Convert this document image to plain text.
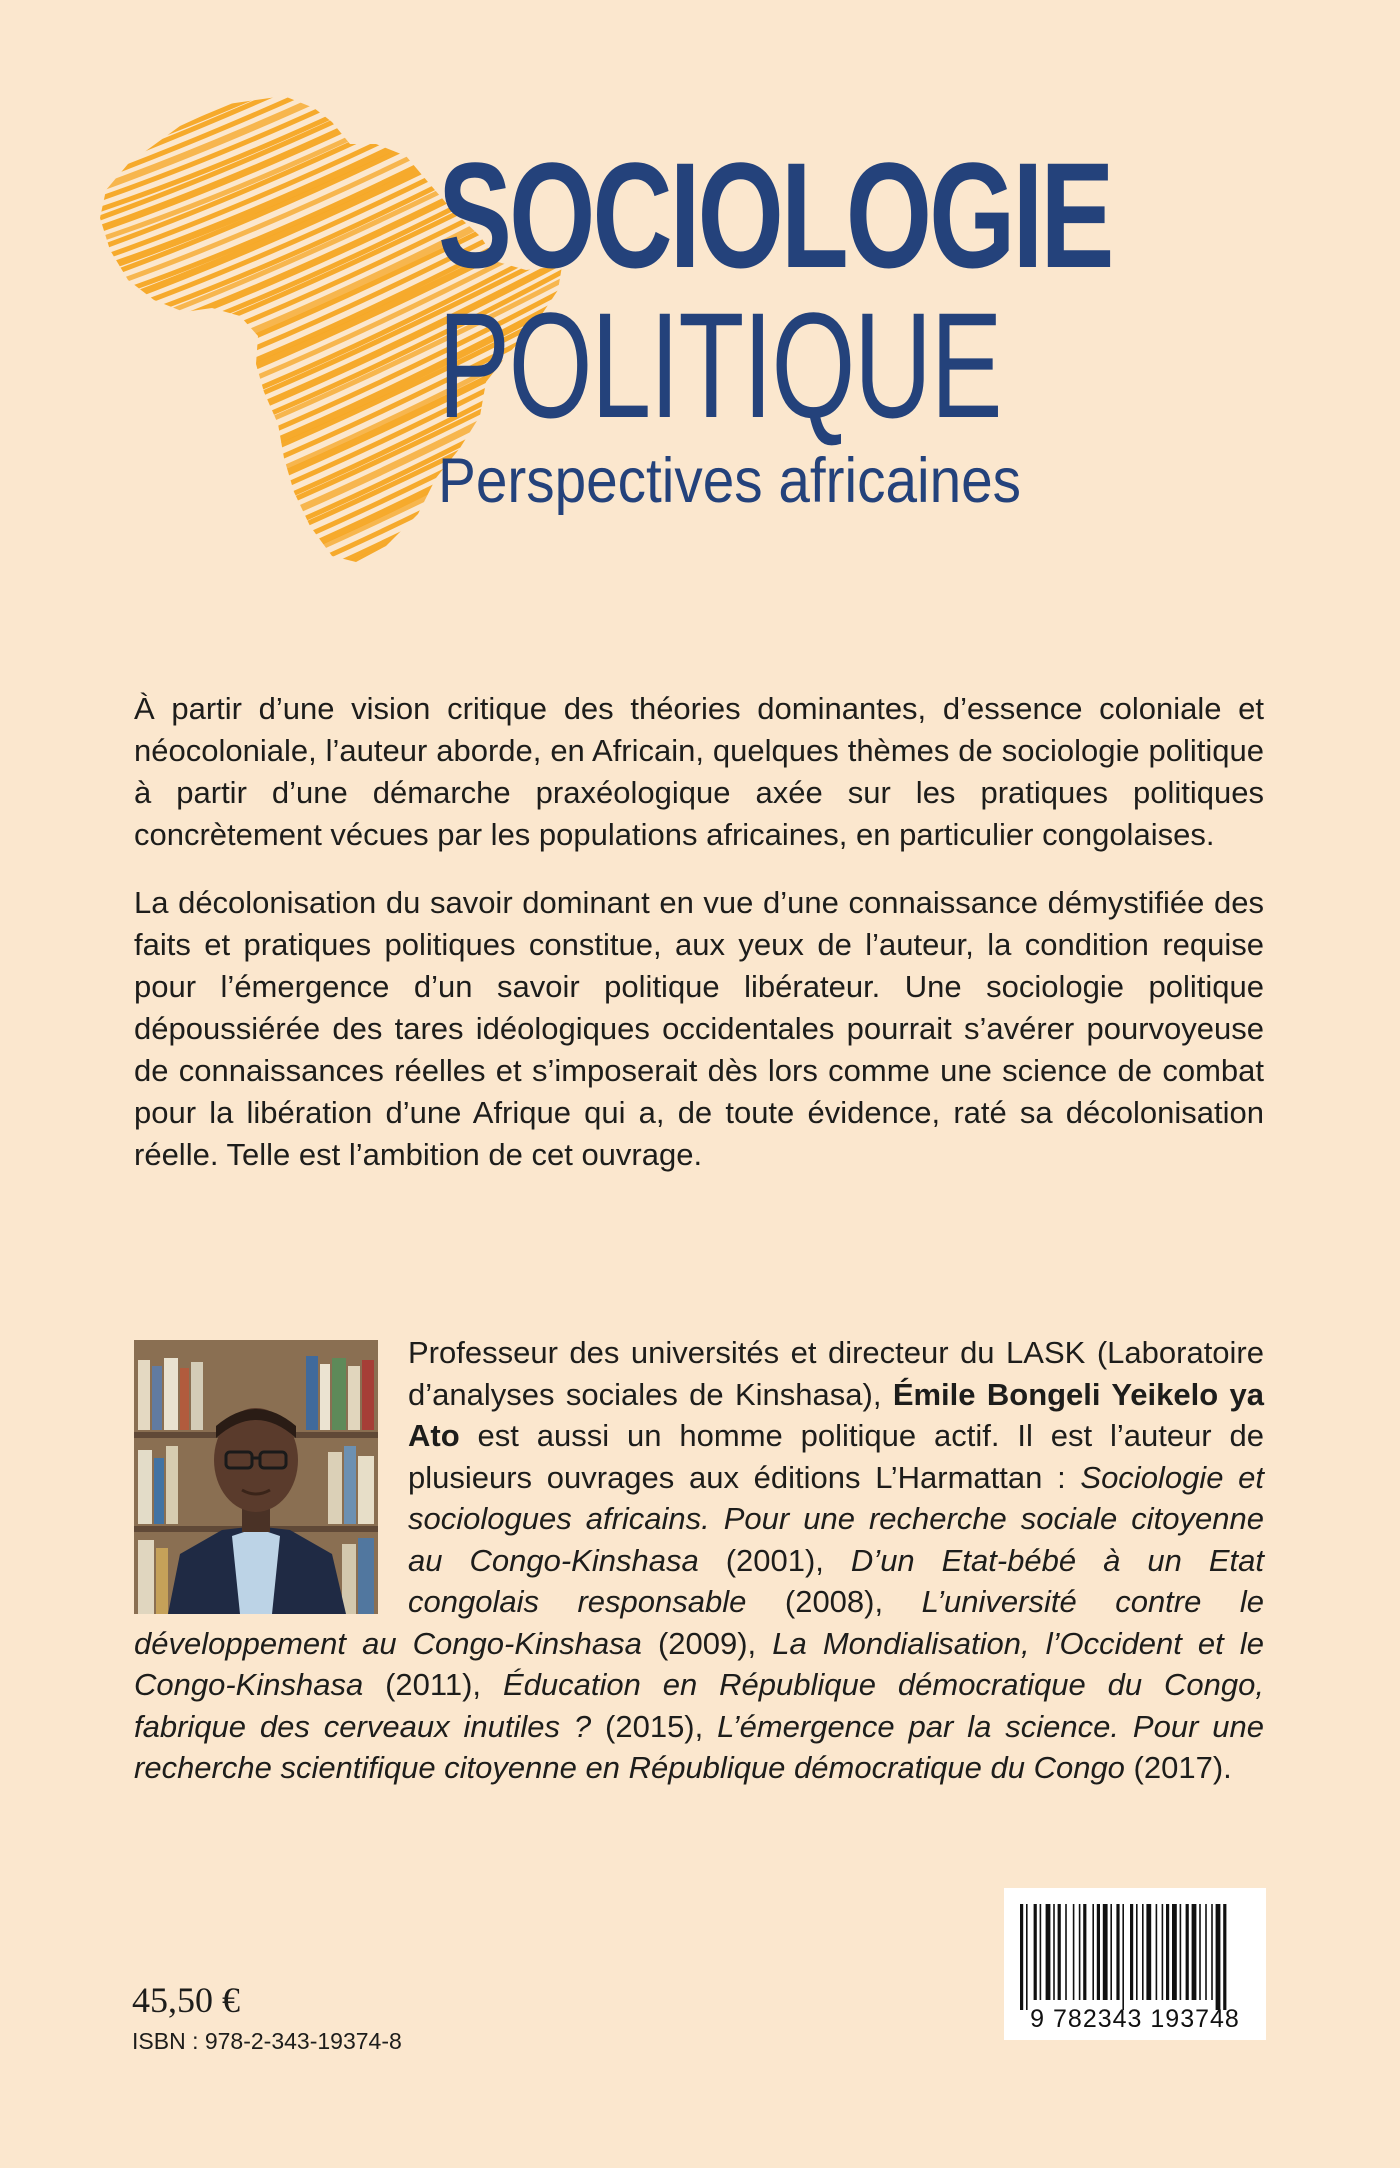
SOCIOLOGIE
POLITIQUE
Perspectives africaines

À partir d’une vision critique des théories dominantes, d’essence coloniale et néocoloniale, l’auteur aborde, en Africain, quelques thèmes de sociologie politique à partir d’une démarche praxéologique axée sur les pratiques politiques concrètement vécues par les populations africaines, en particulier congolaises.

La décolonisation du savoir dominant en vue d’une connaissance démystifiée des faits et pratiques politiques constitue, aux yeux de l’auteur, la condition requise pour l’émergence d’un savoir politique libérateur. Une sociologie politique dépoussiérée des tares idéologiques occidentales pourrait s’avérer pourvoyeuse de connaissances réelles et s’imposerait dès lors comme une science de combat pour la libération d’une Afrique qui a, de toute évidence, raté sa décolonisation réelle. Telle est l’ambition de cet ouvrage.

Professeur des universités et directeur du LASK (Laboratoire d’analyses sociales de Kinshasa), Émile Bongeli Yeikelo ya Ato est aussi un homme politique actif. Il est l’auteur de plusieurs ouvrages aux éditions L’Harmattan : Sociologie et sociologues africains. Pour une recherche sociale citoyenne au Congo-Kinshasa (2001), D’un Etat-bébé à un Etat congolais responsable (2008), L’université contre le développement au Congo-Kinshasa (2009), La Mondialisation, l’Occident et le Congo-Kinshasa (2011), Éducation en République démocratique du Congo, fabrique des cerveaux inutiles ? (2015), L’émergence par la science. Pour une recherche scientifique citoyenne en République démocratique du Congo (2017).
45,50 €
ISBN : 978-2-343-19374-8
9 782343 193748
